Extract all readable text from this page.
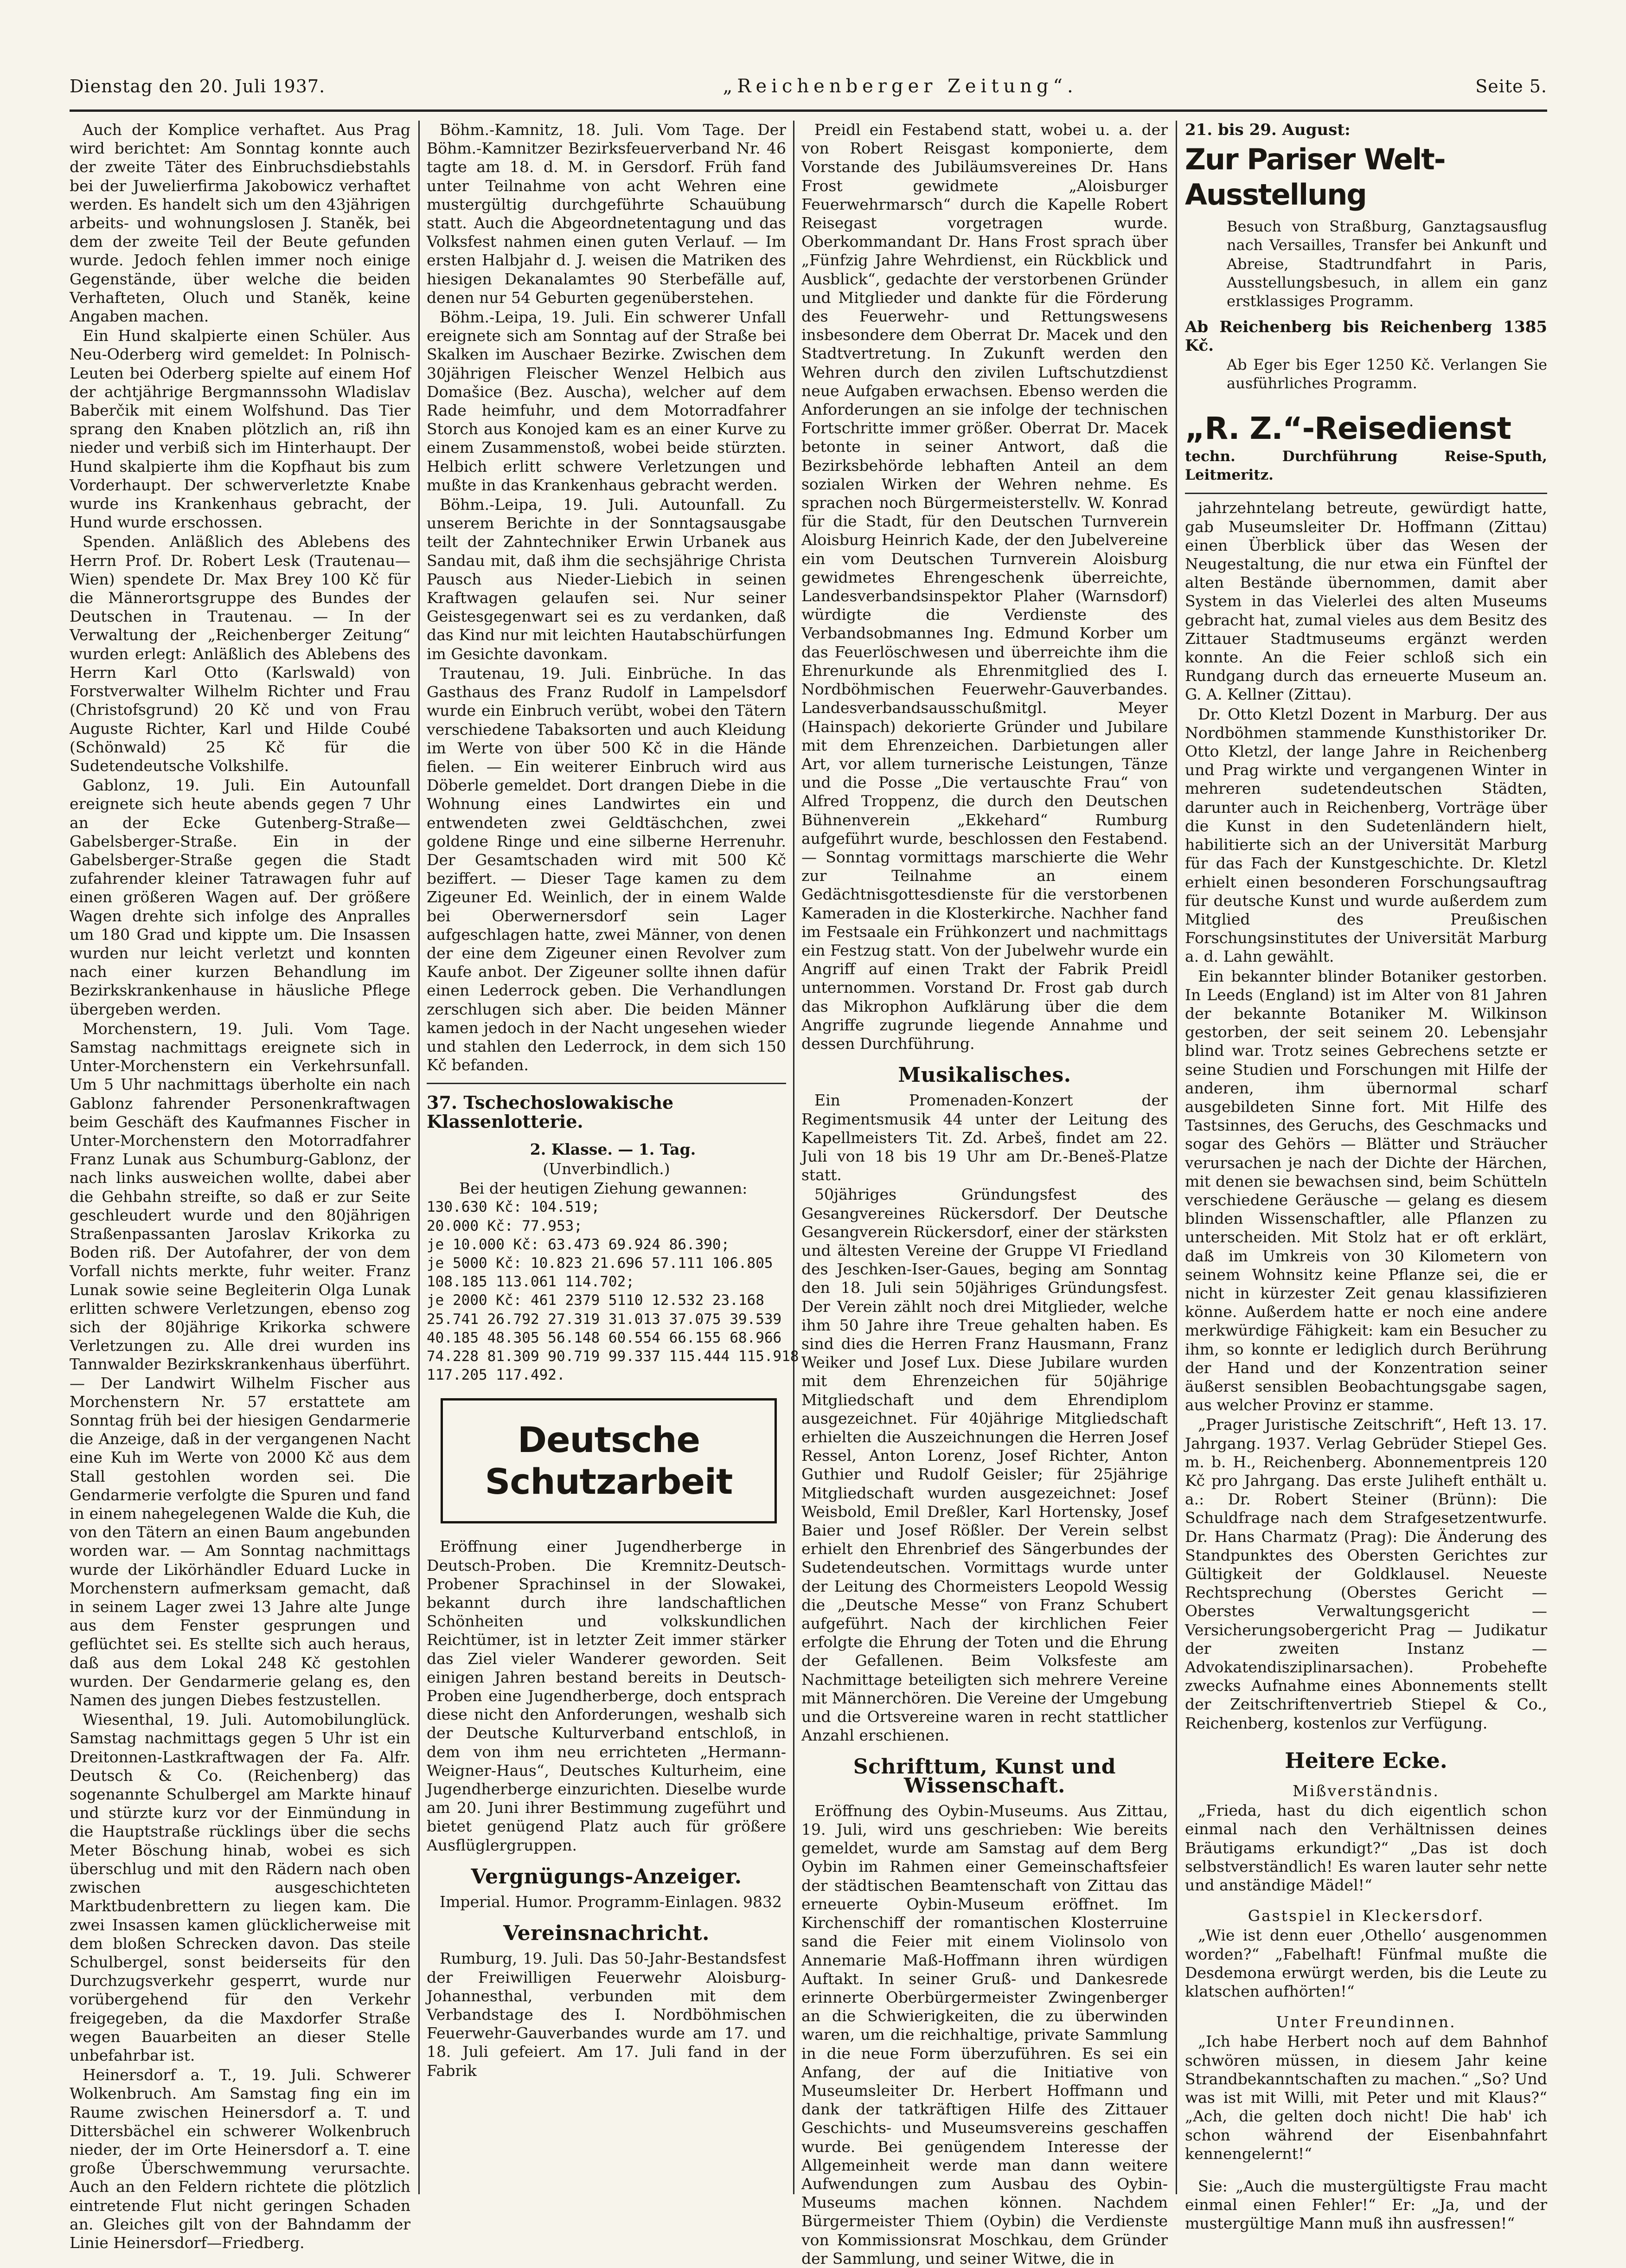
Dienstag den 20. Juli 1937.	„Reichenberger Zeitung“.	Seite 5.

Auch der Komplice verhaftet. Aus Prag wird berichtet: Am Sonntag konnte auch der zweite Täter des Einbruchsdiebstahls bei der Juwelierfirma Jakobowicz verhaftet werden. Es handelt sich um den 43jährigen arbeits- und wohnungslosen J. Staněk, bei dem der zweite Teil der Beute gefunden wurde. Jedoch fehlen immer noch einige Gegenstände, über welche die beiden Verhafteten, Oluch und Staněk, keine Angaben machen.

Ein Hund skalpierte einen Schüler. Aus Neu-Oderberg wird gemeldet: In Polnisch-Leuten bei Oderberg spielte auf einem Hof der achtjährige Bergmannssohn Wladislav Baberčik mit einem Wolfshund. Das Tier sprang den Knaben plötzlich an, riß ihn nieder und verbiß sich im Hinterhaupt. Der Hund skalpierte ihm die Kopfhaut bis zum Vorderhaupt. Der schwerverletzte Knabe wurde ins Krankenhaus gebracht, der Hund wurde erschossen.

Spenden. Anläßlich des Ablebens des Herrn Prof. Dr. Robert Lesk (Trautenau—Wien) spendete Dr. Max Brey 100 Kč für die Männerortsgruppe des Bundes der Deutschen in Trautenau. — In der Verwaltung der „Reichenberger Zeitung“ wurden erlegt: Anläßlich des Ablebens des Herrn Karl Otto (Karlswald) von Forstverwalter Wilhelm Richter und Frau (Christofsgrund) 20 Kč und von Frau Auguste Richter, Karl und Hilde Coubé (Schönwald) 25 Kč für die Sudetendeutsche Volkshilfe.

Gablonz, 19. Juli. Ein Autounfall ereignete sich heute abends gegen 7 Uhr an der Ecke Gutenberg-Straße—Gabelsberger-Straße. Ein in der Gabelsberger-Straße gegen die Stadt zufahrender kleiner Tatrawagen fuhr auf einen größeren Wagen auf. Der größere Wagen drehte sich infolge des Anpralles um 180 Grad und kippte um. Die Insassen wurden nur leicht verletzt und konnten nach einer kurzen Behandlung im Bezirkskrankenhause in häusliche Pflege übergeben werden.

Morchenstern, 19. Juli. Vom Tage. Samstag nachmittags ereignete sich in Unter-Morchenstern ein Verkehrsunfall. Um 5 Uhr nachmittags überholte ein nach Gablonz fahrender Personenkraftwagen beim Geschäft des Kaufmannes Fischer in Unter-Morchenstern den Motorradfahrer Franz Lunak aus Schumburg-Gablonz, der nach links ausweichen wollte, dabei aber die Gehbahn streifte, so daß er zur Seite geschleudert wurde und den 80jährigen Straßenpassanten Jaroslav Krikorka zu Boden riß. Der Autofahrer, der von dem Vorfall nichts merkte, fuhr weiter. Franz Lunak sowie seine Begleiterin Olga Lunak erlitten schwere Verletzungen, ebenso zog sich der 80jährige Krikorka schwere Verletzungen zu. Alle drei wurden ins Tannwalder Bezirkskrankenhaus überführt. — Der Landwirt Wilhelm Fischer aus Morchenstern Nr. 57 erstattete am Sonntag früh bei der hiesigen Gendarmerie die Anzeige, daß in der vergangenen Nacht eine Kuh im Werte von 2000 Kč aus dem Stall gestohlen worden sei. Die Gendarmerie verfolgte die Spuren und fand in einem nahegelegenen Walde die Kuh, die von den Tätern an einen Baum angebunden worden war. — Am Sonntag nachmittags wurde der Likörhändler Eduard Lucke in Morchenstern aufmerksam gemacht, daß in seinem Lager zwei 13 Jahre alte Junge aus dem Fenster gesprungen und geflüchtet sei. Es stellte sich auch heraus, daß aus dem Lokal 248 Kč gestohlen wurden. Der Gendarmerie gelang es, den Namen des jungen Diebes festzustellen.

Wiesenthal, 19. Juli. Automobilunglück. Samstag nachmittags gegen 5 Uhr ist ein Dreitonnen-Lastkraftwagen der Fa. Alfr. Deutsch & Co. (Reichenberg) das sogenannte Schulbergel am Markte hinauf und stürzte kurz vor der Einmündung in die Hauptstraße rücklings über die sechs Meter Böschung hinab, wobei es sich überschlug und mit den Rädern nach oben zwischen ausgeschichteten Marktbudenbrettern zu liegen kam. Die zwei Insassen kamen glücklicherweise mit dem bloßen Schrecken davon. Das steile Schulbergel, sonst beiderseits für den Durchzugsverkehr gesperrt, wurde nur vorübergehend für den Verkehr freigegeben, da die Maxdorfer Straße wegen Bauarbeiten an dieser Stelle unbefahrbar ist.

Heinersdorf a. T., 19. Juli. Schwerer Wolkenbruch. Am Samstag fing ein im Raume zwischen Heinersdorf a. T. und Dittersbächel ein schwerer Wolkenbruch nieder, der im Orte Heinersdorf a. T. eine große Überschwemmung verursachte. Auch an den Feldern richtete die plötzlich eintretende Flut nicht geringen Schaden an. Gleiches gilt von der Bahndamm der Linie Heinersdorf—Friedberg.

Böhm.-Kamnitz, 18. Juli. Vom Tage. Der Böhm.-Kamnitzer Bezirksfeuerverband Nr. 46 tagte am 18. d. M. in Gersdorf. Früh fand unter Teilnahme von acht Wehren eine mustergültig durchgeführte Schauübung statt. Auch die Abgeordnetentagung und das Volksfest nahmen einen guten Verlauf. — Im ersten Halbjahr d. J. weisen die Matriken des hiesigen Dekanalamtes 90 Sterbefälle auf, denen nur 54 Geburten gegenüberstehen.

Böhm.-Leipa, 19. Juli. Ein schwerer Unfall ereignete sich am Sonntag auf der Straße bei Skalken im Auschaer Bezirke. Zwischen dem 30jährigen Fleischer Wenzel Helbich aus Domašice (Bez. Auscha), welcher auf dem Rade heimfuhr, und dem Motorradfahrer Storch aus Konojed kam es an einer Kurve zu einem Zusammenstoß, wobei beide stürzten. Helbich erlitt schwere Verletzungen und mußte in das Krankenhaus gebracht werden.

Böhm.-Leipa, 19. Juli. Autounfall. Zu unserem Berichte in der Sonntagsausgabe teilt der Zahntechniker Erwin Urbanek aus Sandau mit, daß ihm die sechsjährige Christa Pausch aus Nieder-Liebich in seinen Kraftwagen gelaufen sei. Nur seiner Geistesgegenwart sei es zu verdanken, daß das Kind nur mit leichten Hautabschürfungen im Gesichte davonkam.

Trautenau, 19. Juli. Einbrüche. In das Gasthaus des Franz Rudolf in Lampelsdorf wurde ein Einbruch verübt, wobei den Tätern verschiedene Tabaksorten und auch Kleidung im Werte von über 500 Kč in die Hände fielen. — Ein weiterer Einbruch wird aus Döberle gemeldet. Dort drangen Diebe in die Wohnung eines Landwirtes ein und entwendeten zwei Geldtäschchen, zwei goldene Ringe und eine silberne Herrenuhr. Der Gesamtschaden wird mit 500 Kč beziffert. — Dieser Tage kamen zu dem Zigeuner Ed. Weinlich, der in einem Walde bei Oberwernersdorf sein Lager aufgeschlagen hatte, zwei Männer, von denen der eine dem Zigeuner einen Revolver zum Kaufe anbot. Der Zigeuner sollte ihnen dafür einen Lederrock geben. Die Verhandlungen zerschlugen sich aber. Die beiden Männer kamen jedoch in der Nacht ungesehen wieder und stahlen den Lederrock, in dem sich 150 Kč befanden.

37. Tschechoslowakische Klassenlotterie.

2. Klasse. — 1. Tag.

(Unverbindlich.)

Bei der heutigen Ziehung gewannen:

130.630 Kč: 104.519;
20.000 Kč: 77.953;
je 10.000 Kč: 63.473 69.924 86.390;
je 5000 Kč: 10.823 21.696 57.111 106.805
108.185 113.061 114.702;
je 2000 Kč: 461 2379 5110 12.532 23.168
25.741 26.792 27.319 31.013 37.075 39.539
40.185 48.305 56.148 60.554 66.155 68.966
74.228 81.309 90.719 99.337 115.444 115.918
117.205 117.492.
Deutsche Schutzarbeit

Eröffnung einer Jugendherberge in Deutsch-Proben. Die Kremnitz-Deutsch-Probener Sprachinsel in der Slowakei, bekannt durch ihre landschaftlichen Schönheiten und volkskundlichen Reichtümer, ist in letzter Zeit immer stärker das Ziel vieler Wanderer geworden. Seit einigen Jahren bestand bereits in Deutsch-Proben eine Jugendherberge, doch entsprach diese nicht den Anforderungen, weshalb sich der Deutsche Kulturverband entschloß, in dem von ihm neu errichteten „Hermann-Weigner-Haus“, Deutsches Kulturheim, eine Jugendherberge einzurichten. Dieselbe wurde am 20. Juni ihrer Bestimmung zugeführt und bietet genügend Platz auch für größere Ausflüglergruppen.

Vergnügungs-Anzeiger.

Imperial. Humor. Programm-Einlagen. 9832

Vereinsnachricht.

Rumburg, 19. Juli. Das 50-Jahr-Bestandsfest der Freiwilligen Feuerwehr Aloisburg-Johannesthal, verbunden mit dem Verbandstage des I. Nordböhmischen Feuerwehr-Gauverbandes wurde am 17. und 18. Juli gefeiert. Am 17. Juli fand in der Fabrik

Preidl ein Festabend statt, wobei u. a. der von Robert Reisgast komponierte, dem Vorstande des Jubiläumsvereines Dr. Hans Frost gewidmete „Aloisburger Feuerwehrmarsch“ durch die Kapelle Robert Reisegast vorgetragen wurde. Oberkommandant Dr. Hans Frost sprach über „Fünfzig Jahre Wehrdienst, ein Rückblick und Ausblick“, gedachte der verstorbenen Gründer und Mitglieder und dankte für die Förderung des Feuerwehr- und Rettungswesens insbesondere dem Oberrat Dr. Macek und den Stadtvertretung. In Zukunft werden den Wehren durch den zivilen Luftschutzdienst neue Aufgaben erwachsen. Ebenso werden die Anforderungen an sie infolge der technischen Fortschritte immer größer. Oberrat Dr. Macek betonte in seiner Antwort, daß die Bezirksbehörde lebhaften Anteil an dem sozialen Wirken der Wehren nehme. Es sprachen noch Bürgermeisterstellv. W. Konrad für die Stadt, für den Deutschen Turnverein Aloisburg Heinrich Kade, der den Jubelvereine ein vom Deutschen Turnverein Aloisburg gewidmetes Ehrengeschenk überreichte, Landesverbandsinspektor Plaher (Warnsdorf) würdigte die Verdienste des Verbandsobmannes Ing. Edmund Korber um das Feuerlöschwesen und überreichte ihm die Ehrenurkunde als Ehrenmitglied des I. Nordböhmischen Feuerwehr-Gauverbandes. Landesverbandsausschußmitgl. Meyer (Hainspach) dekorierte Gründer und Jubilare mit dem Ehrenzeichen. Darbietungen aller Art, vor allem turnerische Leistungen, Tänze und die Posse „Die vertauschte Frau“ von Alfred Troppenz, die durch den Deutschen Bühnenverein „Ekkehard“ Rumburg aufgeführt wurde, beschlossen den Festabend. — Sonntag vormittags marschierte die Wehr zur Teilnahme an einem Gedächtnisgottesdienste für die verstorbenen Kameraden in die Klosterkirche. Nachher fand im Festsaale ein Frühkonzert und nachmittags ein Festzug statt. Von der Jubelwehr wurde ein Angriff auf einen Trakt der Fabrik Preidl unternommen. Vorstand Dr. Frost gab durch das Mikrophon Aufklärung über die dem Angriffe zugrunde liegende Annahme und dessen Durchführung.

Musikalisches.

Ein Promenaden-Konzert der Regimentsmusik 44 unter der Leitung des Kapellmeisters Tit. Zd. Arbeš, findet am 22. Juli von 18 bis 19 Uhr am Dr.-Beneš-Platze statt.

50jähriges Gründungsfest des Gesangvereines Rückersdorf. Der Deutsche Gesangverein Rückersdorf, einer der stärksten und ältesten Vereine der Gruppe VI Friedland des Jeschken-Iser-Gaues, beging am Sonntag den 18. Juli sein 50jähriges Gründungsfest. Der Verein zählt noch drei Mitglieder, welche ihm 50 Jahre ihre Treue gehalten haben. Es sind dies die Herren Franz Hausmann, Franz Weiker und Josef Lux. Diese Jubilare wurden mit dem Ehrenzeichen für 50jährige Mitgliedschaft und dem Ehrendiplom ausgezeichnet. Für 40jährige Mitgliedschaft erhielten die Auszeichnungen die Herren Josef Ressel, Anton Lorenz, Josef Richter, Anton Guthier und Rudolf Geisler; für 25jährige Mitgliedschaft wurden ausgezeichnet: Josef Weisbold, Emil Dreßler, Karl Hortensky, Josef Baier und Josef Rößler. Der Verein selbst erhielt den Ehrenbrief des Sängerbundes der Sudetendeutschen. Vormittags wurde unter der Leitung des Chormeisters Leopold Wessig die „Deutsche Messe“ von Franz Schubert aufgeführt. Nach der kirchlichen Feier erfolgte die Ehrung der Toten und die Ehrung der Gefallenen. Beim Volksfeste am Nachmittage beteiligten sich mehrere Vereine mit Männerchören. Die Vereine der Umgebung und die Ortsvereine waren in recht stattlicher Anzahl erschienen.

Schrifttum, Kunst und Wissenschaft.

Eröffnung des Oybin-Museums. Aus Zittau, 19. Juli, wird uns geschrieben: Wie bereits gemeldet, wurde am Samstag auf dem Berg Oybin im Rahmen einer Gemeinschaftsfeier der städtischen Beamtenschaft von Zittau das erneuerte Oybin-Museum eröffnet. Im Kirchenschiff der romantischen Klosterruine sand die Feier mit einem Violinsolo von Annemarie Maß-Hoffmann ihren würdigen Auftakt. In seiner Gruß- und Dankesrede erinnerte Oberbürgermeister Zwingenberger an die Schwierigkeiten, die zu überwinden waren, um die reichhaltige, private Sammlung in die neue Form überzuführen. Es sei ein Anfang, der auf die Initiative von Museumsleiter Dr. Herbert Hoffmann und dank der tatkräftigen Hilfe des Zittauer Geschichts- und Museumsvereins geschaffen wurde. Bei genügendem Interesse der Allgemeinheit werde man dann weitere Aufwendungen zum Ausbau des Oybin-Museums machen können. Nachdem Bürgermeister Thiem (Oybin) die Verdienste von Kommissionsrat Moschkau, dem Gründer der Sammlung, und seiner Witwe, die in

21. bis 29. August:
Zur Pariser Welt-Ausstellung
Besuch von Straßburg, Ganztagsausflug nach Versailles, Transfer bei Ankunft und Abreise, Stadtrundfahrt in Paris, Ausstellungsbesuch, in allem ein ganz erstklassiges Programm.
Ab Reichenberg bis Reichenberg 1385 Kč.
Ab Eger bis Eger 1250 Kč. Verlangen Sie ausführliches Programm.
„R. Z.“-Reisedienst
techn. Durchführung Reise-Sputh, Leitmeritz.

jahrzehntelang betreute, gewürdigt hatte, gab Museumsleiter Dr. Hoffmann (Zittau) einen Überblick über das Wesen der Neugestaltung, die nur etwa ein Fünftel der alten Bestände übernommen, damit aber System in das Vielerlei des alten Museums gebracht hat, zumal vieles aus dem Besitz des Zittauer Stadtmuseums ergänzt werden konnte. An die Feier schloß sich ein Rundgang durch das erneuerte Museum an. G. A. Kellner (Zittau).

Dr. Otto Kletzl Dozent in Marburg. Der aus Nordböhmen stammende Kunsthistoriker Dr. Otto Kletzl, der lange Jahre in Reichenberg und Prag wirkte und vergangenen Winter in mehreren sudetendeutschen Städten, darunter auch in Reichenberg, Vorträge über die Kunst in den Sudetenländern hielt, habilitierte sich an der Universität Marburg für das Fach der Kunstgeschichte. Dr. Kletzl erhielt einen besonderen Forschungsauftrag für deutsche Kunst und wurde außerdem zum Mitglied des Preußischen Forschungsinstitutes der Universität Marburg a. d. Lahn gewählt.

Ein bekannter blinder Botaniker gestorben. In Leeds (England) ist im Alter von 81 Jahren der bekannte Botaniker M. Wilkinson gestorben, der seit seinem 20. Lebensjahr blind war. Trotz seines Gebrechens setzte er seine Studien und Forschungen mit Hilfe der anderen, ihm übernormal scharf ausgebildeten Sinne fort. Mit Hilfe des Tastsinnes, des Geruchs, des Geschmacks und sogar des Gehörs — Blätter und Sträucher verursachen je nach der Dichte der Härchen, mit denen sie bewachsen sind, beim Schütteln verschiedene Geräusche — gelang es diesem blinden Wissenschaftler, alle Pflanzen zu unterscheiden. Mit Stolz hat er oft erklärt, daß im Umkreis von 30 Kilometern von seinem Wohnsitz keine Pflanze sei, die er nicht in kürzester Zeit genau klassifizieren könne. Außerdem hatte er noch eine andere merkwürdige Fähigkeit: kam ein Besucher zu ihm, so konnte er lediglich durch Berührung der Hand und der Konzentration seiner äußerst sensiblen Beobachtungsgabe sagen, aus welcher Provinz er stamme.

„Prager Juristische Zeitschrift“, Heft 13. 17. Jahrgang. 1937. Verlag Gebrüder Stiepel Ges. m. b. H., Reichenberg. Abonnementpreis 120 Kč pro Jahrgang. Das erste Juliheft enthält u. a.: Dr. Robert Steiner (Brünn): Die Schuldfrage nach dem Strafgesetzentwurfe. Dr. Hans Charmatz (Prag): Die Änderung des Standpunktes des Obersten Gerichtes zur Gültigkeit der Goldklausel. Neueste Rechtsprechung (Oberstes Gericht — Oberstes Verwaltungsgericht — Versicherungsobergericht Prag — Judikatur der zweiten Instanz — Advokatendisziplinarsachen). Probehefte zwecks Aufnahme eines Abonnements stellt der Zeitschriftenvertrieb Stiepel & Co., Reichenberg, kostenlos zur Verfügung.

Heitere Ecke.

Mißverständnis.

„Frieda, hast du dich eigentlich schon einmal nach den Verhältnissen deines Bräutigams erkundigt?“ „Das ist doch selbstverständlich! Es waren lauter sehr nette und anständige Mädel!“

Gastspiel in Kleckersdorf.

„Wie ist denn euer ‚Othello‘ ausgenommen worden?“ „Fabelhaft! Fünfmal mußte die Desdemona erwürgt werden, bis die Leute zu klatschen aufhörten!“

Unter Freundinnen.

„Ich habe Herbert noch auf dem Bahnhof schwören müssen, in diesem Jahr keine Strandbekanntschaften zu machen.“ „So? Und was ist mit Willi, mit Peter und mit Klaus?“ „Ach, die gelten doch nicht! Die hab' ich schon während der Eisenbahnfahrt kennengelernt!“

Sie: „Auch die mustergültigste Frau macht einmal einen Fehler!“ Er: „Ja, und der mustergültige Mann muß ihn ausfressen!“
